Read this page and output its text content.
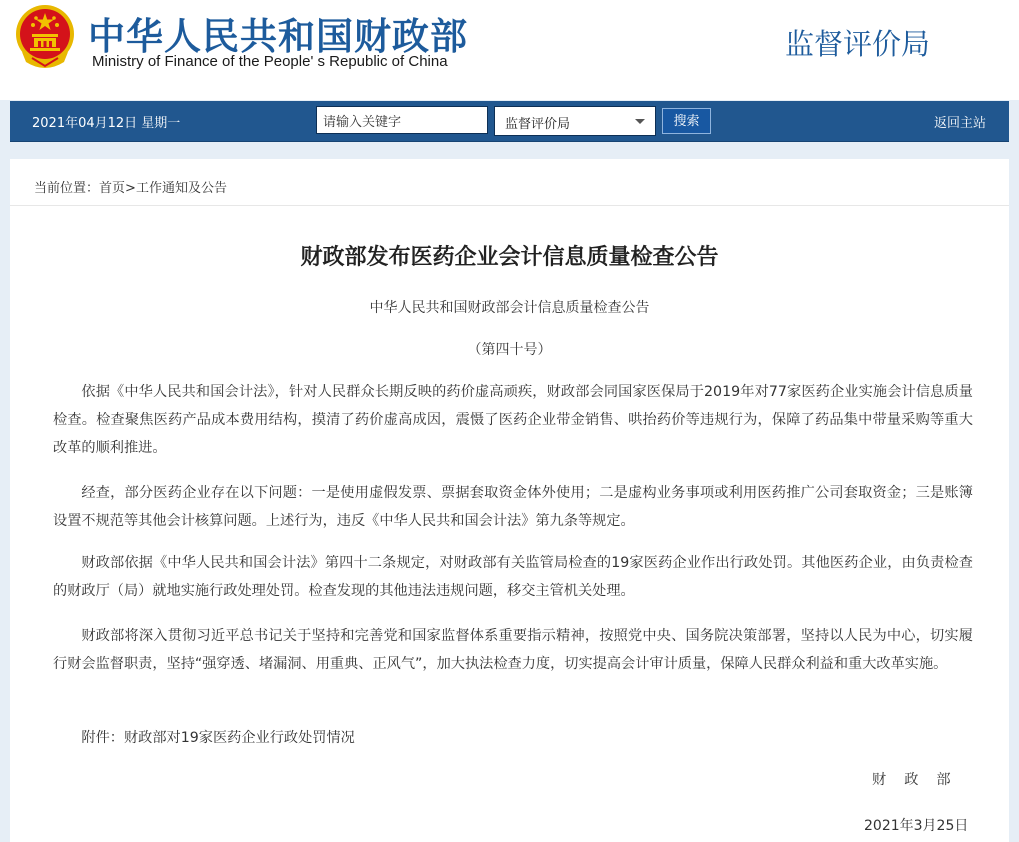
中华人民共和国财政部
Ministry of Finance of the People' s Republic of China
监督评价局
2021年04月12日 星期一
请输入关键字	监督评价局	搜索	返回主站
当前位置：首页>工作通知及公告
财政部发布医药企业会计信息质量检查公告
中华人民共和国财政部会计信息质量检查公告
（第四十号）

依据《中华人民共和国会计法》，针对人民群众长期反映的药价虚高顽疾，财政部会同国家医保局于2019年对77家医药企业实施会计信息质量检查。检查聚焦医药产品成本费用结构，摸清了药价虚高成因，震慑了医药企业带金销售、哄抬药价等违规行为，保障了药品集中带量采购等重大改革的顺利推进。

经查，部分医药企业存在以下问题：一是使用虚假发票、票据套取资金体外使用；二是虚构业务事项或利用医药推广公司套取资金；三是账簿设置不规范等其他会计核算问题。上述行为，违反《中华人民共和国会计法》第九条等规定。

财政部依据《中华人民共和国会计法》第四十二条规定，对财政部有关监管局检查的19家医药企业作出行政处罚。其他医药企业，由负责检查的财政厅（局）就地实施行政处理处罚。检查发现的其他违法违规问题，移交主管机关处理。

财政部将深入贯彻习近平总书记关于坚持和完善党和国家监督体系重要指示精神，按照党中央、国务院决策部署，坚持以人民为中心，切实履行财会监督职责，坚持“强穿透、堵漏洞、用重典、正风气”，加大执法检查力度，切实提高会计审计质量，保障人民群众利益和重大改革实施。

附件：财政部对19家医药企业行政处罚情况

财政部
2021年3月25日
